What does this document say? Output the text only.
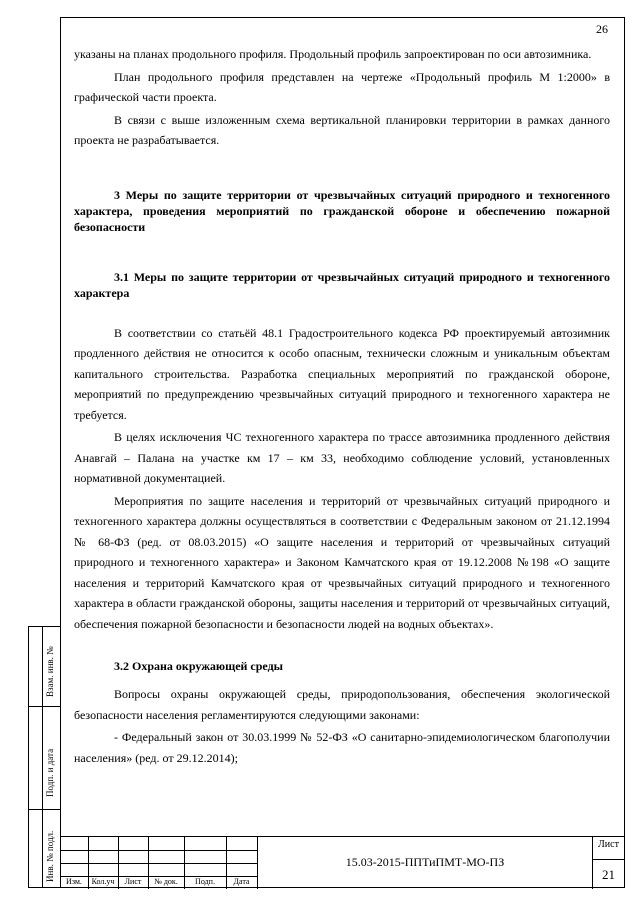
26

указаны на планах продольного профиля. Продольный профиль запроектирован по оси автозимника.

План продольного профиля представлен на чертеже «Продольный профиль М 1:2000» в графической части проекта.

В связи с выше изложенным схема вертикальной планировки территории в рамках данного проекта не разрабатывается.

3 Меры по защите территории от чрезвычайных ситуаций природного и техногенного характера, проведения мероприятий по гражданской обороне и обеспечению пожарной безопасности
3.1 Меры по защите территории от чрезвычайных ситуаций природного и техногенного характера

В соответствии со статьёй 48.1 Градостроительного кодекса РФ проектируемый автозимник продленного действия не относится к особо опасным, технически сложным и уникальным объектам капитального строительства. Разработка специальных мероприятий по гражданской обороне, мероприятий по предупреждению чрезвычайных ситуаций природного и техногенного характера не требуется.

В целях исключения ЧС техногенного характера по трассе автозимника продленного действия Анавгай – Палана на участке км 17 – км 33, необходимо соблюдение условий, установленных нормативной документацией.

Мероприятия по защите населения и территорий от чрезвычайных ситуаций природного и техногенного характера должны осуществляться в соответствии с Федеральным законом от 21.12.1994 № 68-ФЗ (ред. от 08.03.2015) «О защите населения и территорий от чрезвычайных ситуаций природного и техногенного характера» и Законом Камчатского края от 19.12.2008 №198 «О защите населения и территорий Камчатского края от чрезвычайных ситуаций природного и техногенного характера в области гражданской обороны, защиты населения и территорий от чрезвычайных ситуаций, обеспечения пожарной безопасности и безопасности людей на водных объектах».

3.2 Охрана окружающей среды

Вопросы охраны окружающей среды, природопользования, обеспечения экологической безопасности населения регламентируются следующими законами:

- Федеральный закон от 30.03.1999 № 52-ФЗ «О санитарно-эпидемиологическом благополучии населения» (ред. от 29.12.2014);

Взам. инв. №
Подп. и дата
Инв. № подл.	Изм.	Кол.уч	Лист	№ док.	Подп.	Дата
15.03-2015-ППТиПМТ-МО-ПЗ
Лист
21
